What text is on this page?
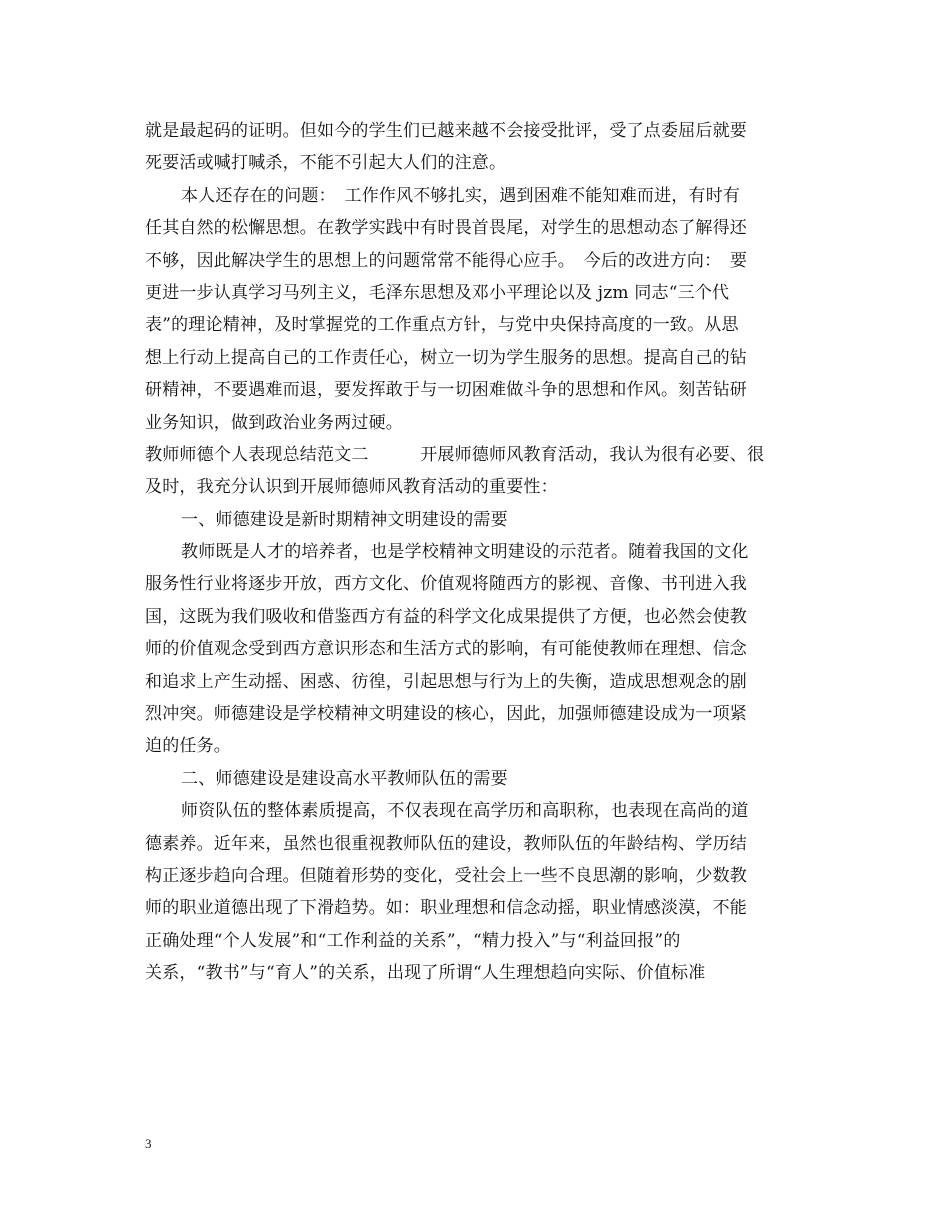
就是最起码的证明。但如今的学生们已越来越不会接受批评，受了点委屈后就要
死要活或喊打喊杀，不能不引起大人们的注意。
本人还存在的问题：　工作作风不够扎实，遇到困难不能知难而进，有时有
任其自然的松懈思想。在教学实践中有时畏首畏尾，对学生的思想动态了解得还
不够，因此解决学生的思想上的问题常常不能得心应手。　今后的改进方向：　要
更进一步认真学习马列主义，毛泽东思想及邓小平理论以及 jzm 同志“三个代
表”的理论精神，及时掌握党的工作重点方针，与党中央保持高度的一致。从思
想上行动上提高自己的工作责任心，树立一切为学生服务的思想。提高自己的钻
研精神，不要遇难而退，要发挥敢于与一切困难做斗争的思想和作风。刻苦钻研
业务知识，做到政治业务两过硬。
教师师德个人表现总结范文二　　　开展师德师风教育活动，我认为很有必要、很
及时，我充分认识到开展师德师风教育活动的重要性：
一、师德建设是新时期精神文明建设的需要
教师既是人才的培养者，也是学校精神文明建设的示范者。随着我国的文化
服务性行业将逐步开放，西方文化、价值观将随西方的影视、音像、书刊进入我
国，这既为我们吸收和借鉴西方有益的科学文化成果提供了方便，也必然会使教
师的价值观念受到西方意识形态和生活方式的影响，有可能使教师在理想、信念
和追求上产生动摇、困惑、彷徨，引起思想与行为上的失衡，造成思想观念的剧
烈冲突。师德建设是学校精神文明建设的核心，因此，加强师德建设成为一项紧
迫的任务。
二、师德建设是建设高水平教师队伍的需要
师资队伍的整体素质提高，不仅表现在高学历和高职称，也表现在高尚的道
德素养。近年来，虽然也很重视教师队伍的建设，教师队伍的年龄结构、学历结
构正逐步趋向合理。但随着形势的变化，受社会上一些不良思潮的影响，少数教
师的职业道德出现了下滑趋势。如：职业理想和信念动摇，职业情感淡漠，不能
正确处理“个人发展”和“工作利益的关系”，“精力投入”与“利益回报”的
关系，“教书”与“育人”的关系，出现了所谓“人生理想趋向实际、价值标准
3
